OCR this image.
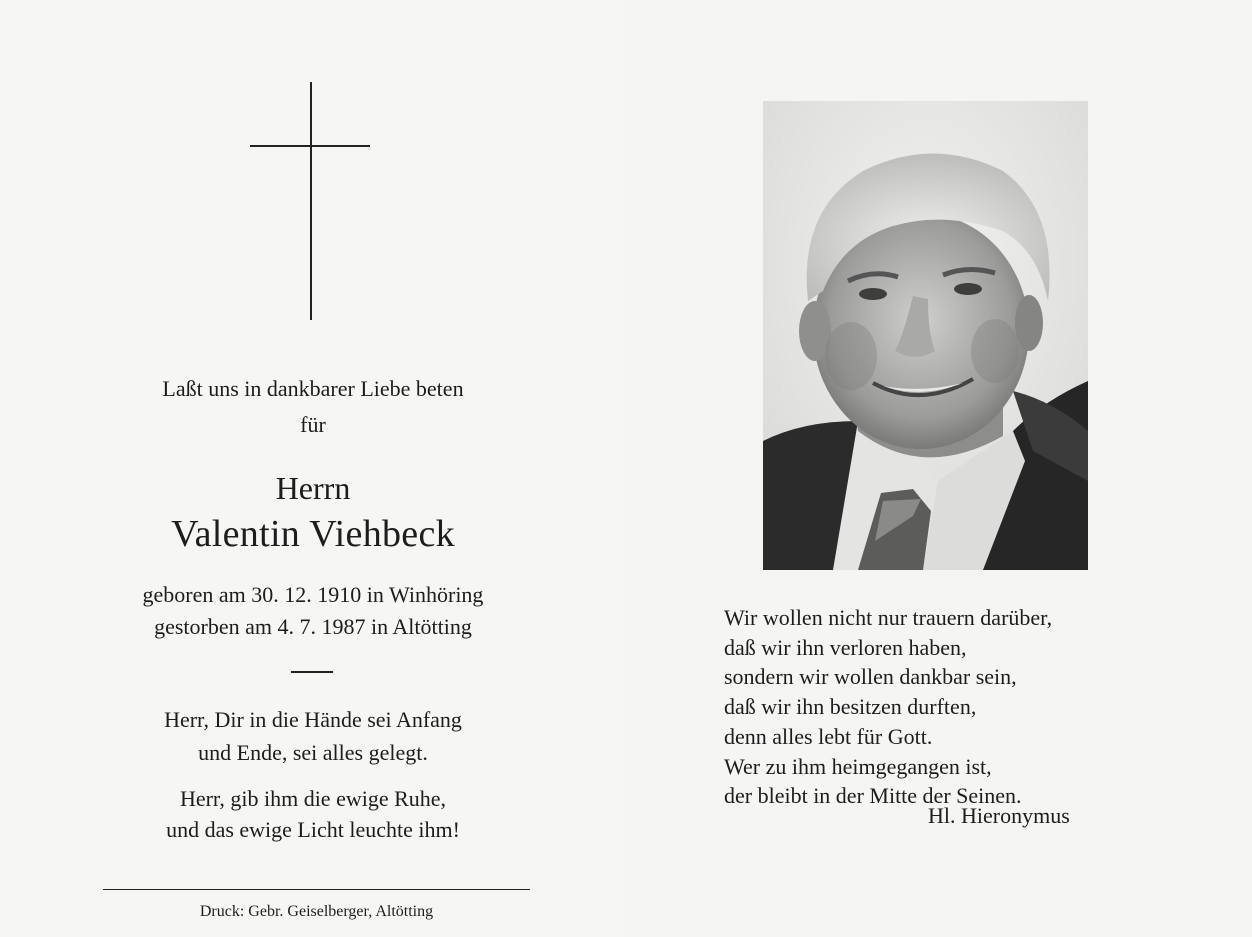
Laßt uns in dankbarer Liebe beten
für
Herrn
Valentin Viehbeck
geboren am 30. 12. 1910 in Winhöring
gestorben am 4. 7. 1987 in Altötting
Herr, Dir in die Hände sei Anfang
und Ende, sei alles gelegt.
Herr, gib ihm die ewige Ruhe,
und das ewige Licht leuchte ihm!
Druck: Gebr. Geiselberger, Altötting
Wir wollen nicht nur trauern darüber,
daß wir ihn verloren haben,
sondern wir wollen dankbar sein,
daß wir ihn besitzen durften,
denn alles lebt für Gott.
Wer zu ihm heimgegangen ist,
der bleibt in der Mitte der Seinen.
Hl. Hieronymus
